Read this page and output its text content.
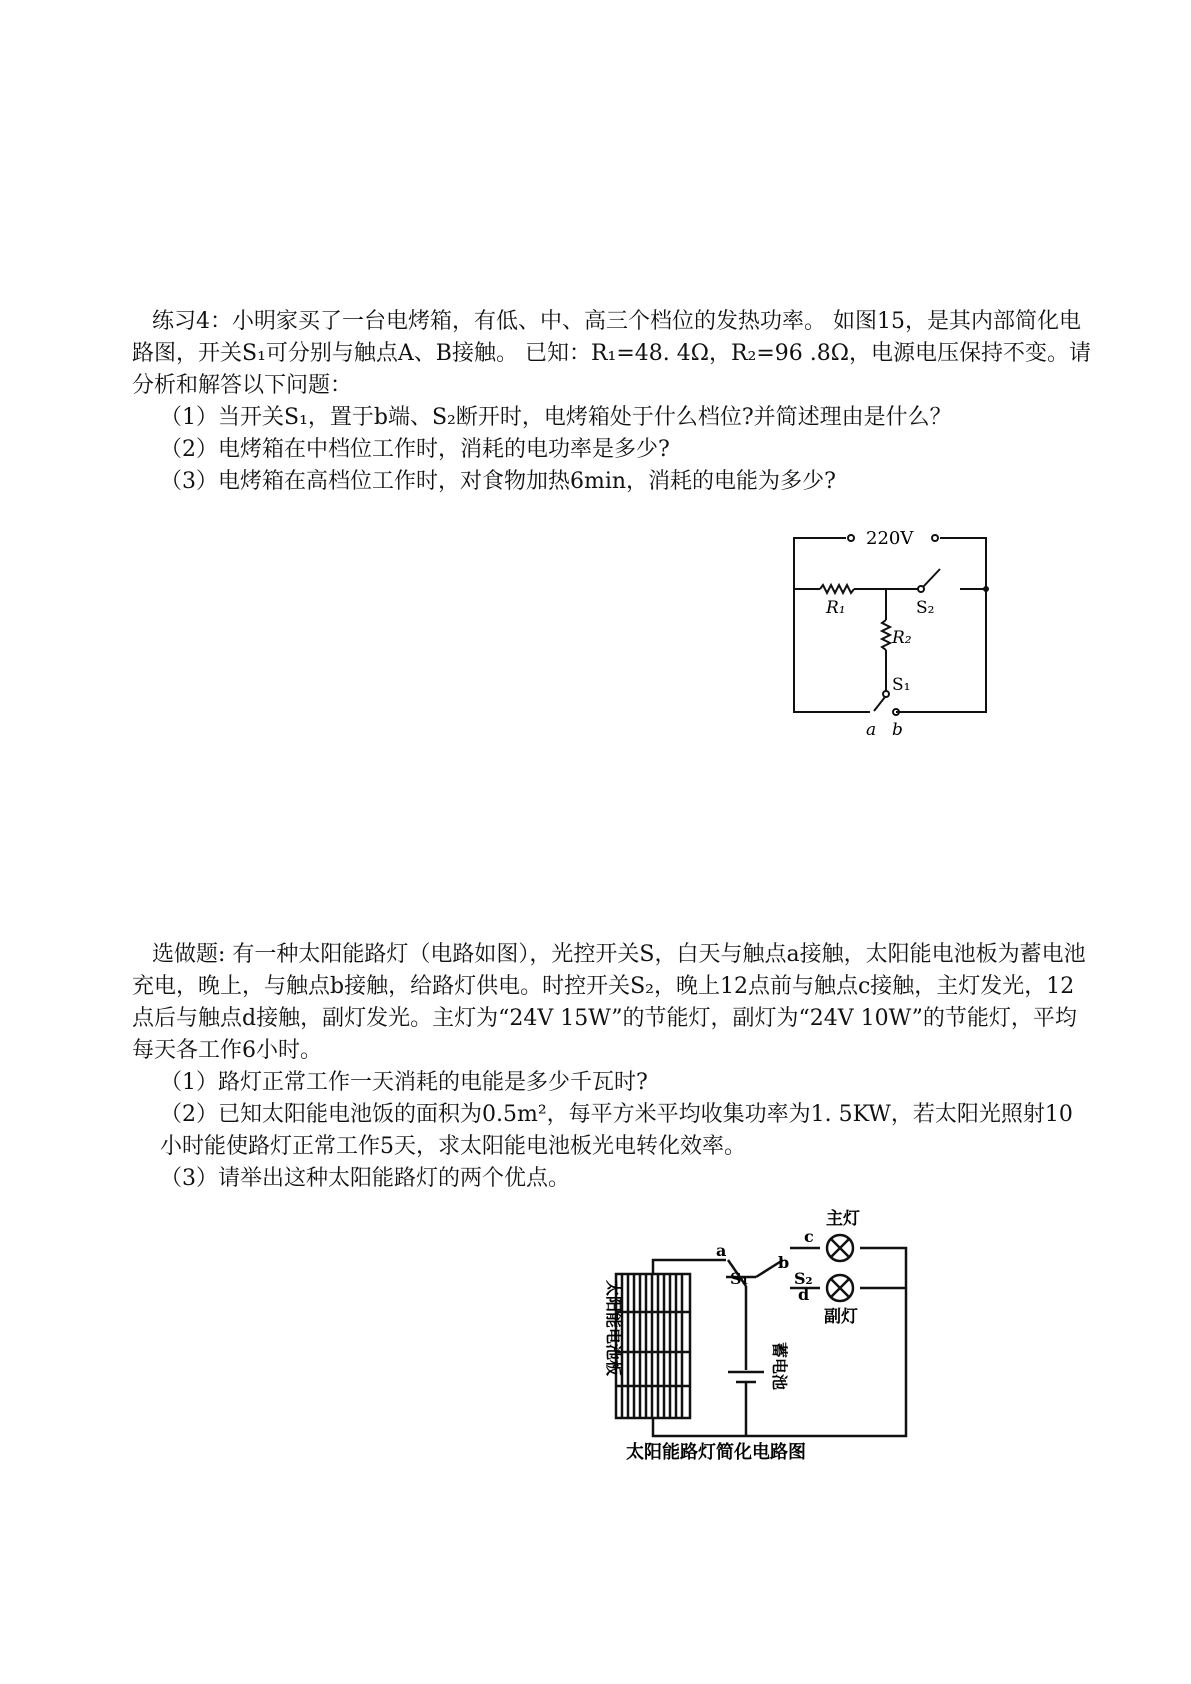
练习4：小明家买了一台电烤箱，有低、中、高三个档位的发热功率。 如图15，是其内部简化电路图，开关S₁可分别与触点A、B接触。 已知：R₁=48. 4Ω，R₂=96 .8Ω，电源电压保持不变。请分析和解答以下问题：

（1）当开关S₁，置于b端、S₂断开时，电烤箱处于什么档位?并简述理由是什么？

（2）电烤箱在中档位工作时，消耗的电功率是多少?

（3）电烤箱在高档位工作时，对食物加热6min，消耗的电能为多少?

220V
R₁
R₂
S₂
S₁
a b

选做题: 有一种太阳能路灯（电路如图），光控开关S，白天与触点a接触，太阳能电池板为蓄电池充电，晚上，与触点b接触，给路灯供电。时控开关S₂，晚上12点前与触点c接触，主灯发光，12点后与触点d接触，副灯发光。主灯为“24V 15W”的节能灯，副灯为“24V 10W”的节能灯，平均每天各工作6小时。

（1）路灯正常工作一天消耗的电能是多少千瓦时?

（2）已知太阳能电池饭的面积为0.5m²，每平方米平均收集功率为1. 5KW，若太阳光照射10小时能使路灯正常工作5天，求太阳能电池板光电转化效率。

（3）请举出这种太阳能路灯的两个优点。

a
S₁
b
S₂
c
d
主灯
副灯
太阳能电池板	蓄电池
太阳能路灯简化电路图
